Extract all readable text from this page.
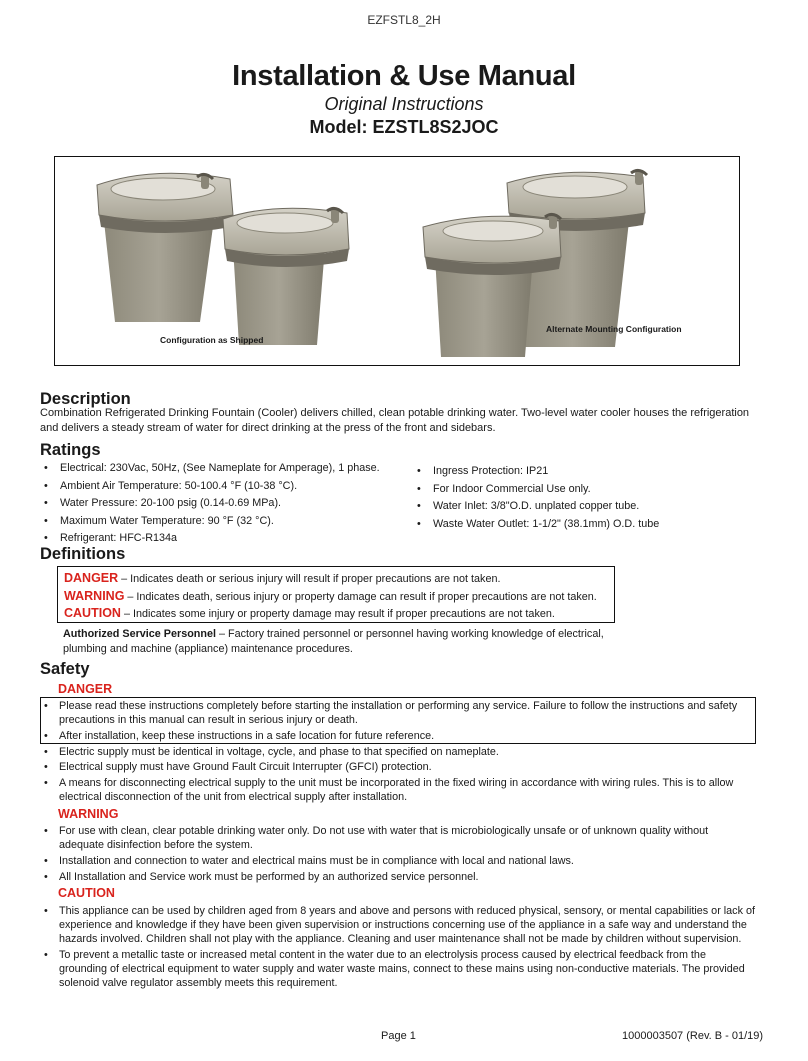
EZFSTL8_2H
Installation & Use Manual
Original Instructions
Model: EZSTL8S2JOC
Configuration as Shipped
Alternate Mounting Configuration
Description

Combination Refrigerated Drinking Fountain (Cooler) delivers chilled, clean potable drinking water. Two-level water cooler houses the refrigeration and delivers a steady stream of water for direct drinking at the press of the front and sidebars.

Ratings
• Electrical: 230Vac, 50Hz, (See Nameplate for Amperage), 1 phase.
• Ambient Air Temperature: 50-100.4 °F (10-38 °C).
• Water Pressure: 20-100 psig (0.14-0.69 MPa).
• Maximum Water Temperature: 90 °F (32 °C).
• Refrigerant: HFC-R134a
• Ingress Protection: IP21
• For Indoor Commercial Use only.
• Water Inlet: 3/8"O.D. unplated copper tube.
• Waste Water Outlet: 1-1/2" (38.1mm) O.D. tube
Definitions
DANGER – Indicates death or serious injury will result if proper precautions are not taken.
WARNING – Indicates death, serious injury or property damage can result if proper precautions are not taken.
CAUTION – Indicates some injury or property damage may result if proper precautions are not taken.

Authorized Service Personnel – Factory trained personnel or personnel having working knowledge of electrical, plumbing and machine (appliance) maintenance procedures.

Safety
DANGER
• Please read these instructions completely before starting the installation or performing any service. Failure to follow the instructions and safety precautions in this manual can result in serious injury or death.
• After installation, keep these instructions in a safe location for future reference.
• Electric supply must be identical in voltage, cycle, and phase to that specified on nameplate.
• Electrical supply must have Ground Fault Circuit Interrupter (GFCI) protection.
• A means for disconnecting electrical supply to the unit must be incorporated in the fixed wiring in accordance with wiring rules. This is to allow electrical disconnection of the unit from electrical supply after installation.
WARNING
• For use with clean, clear potable drinking water only. Do not use with water that is microbiologically unsafe or of unknown quality without adequate disinfection before the system.
• Installation and connection to water and electrical mains must be in compliance with local and national laws.
• All Installation and Service work must be performed by an authorized service personnel.
CAUTION
• This appliance can be used by children aged from 8 years and above and persons with reduced physical, sensory, or mental capabilities or lack of experience and knowledge if they have been given supervision or instructions concerning use of the appliance in a safe way and understand the hazards involved. Children shall not play with the appliance. Cleaning and user maintenance shall not be made by children without supervision.
• To prevent a metallic taste or increased metal content in the water due to an electrolysis process caused by electrical feedback from the grounding of electrical equipment to water supply and water waste mains, connect to these mains using non-conductive materials. The provided solenoid valve regulator assembly meets this requirement.
Page 1	1000003507 (Rev. B - 01/19)
